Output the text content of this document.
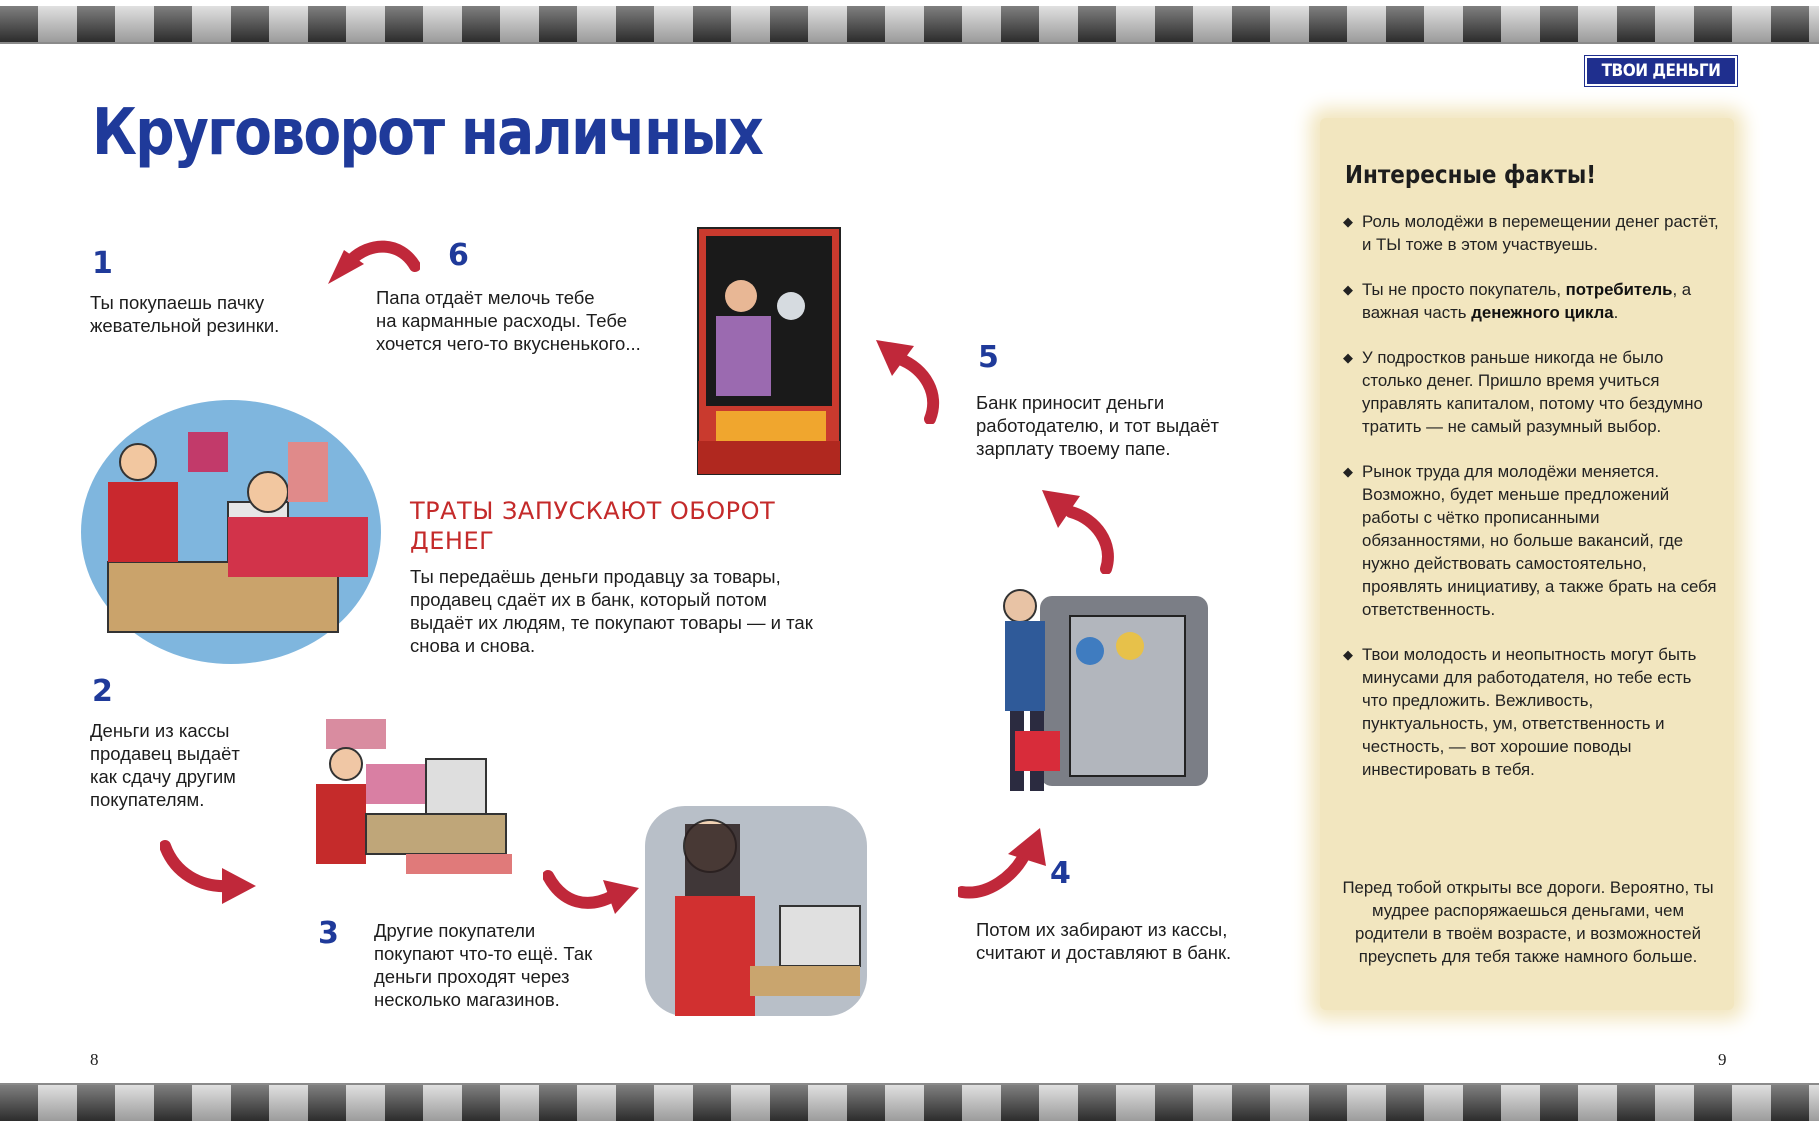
ТВОИ ДЕНЬГИ
Круговорот наличных
1
Ты покупаешь пачку
жевательной резинки.
6
Папа отдаёт мелочь тебе
на карманные расходы. Тебе
хочется чего-то вкусненького...	5
Банк приносит деньги
работодателю, и тот выдаёт
зарплату твоему папе.
2
Деньги из кассы
продавец выдаёт
как сдачу другим
покупателям.
3 Другие покупатели
покупают что-то ещё. Так
деньги проходят через
несколько магазинов.
4
Потом их забирают из кассы,
считают и доставляют в банк.
ТРАТЫ ЗАПУСКАЮТ ОБОРОТ
ДЕНЕГ
Ты передаёшь деньги продавцу за товары,
продавец сдаёт их в банк, который потом
выдаёт их людям, те покупают товары — и так
снова и снова.
Интересные факты!
◆ Роль молодёжи в перемещении денег растёт, и ТЫ тоже в этом участвуешь.
◆ Ты не просто покупатель, потребитель, а важная часть денежного цикла.
◆ У подростков раньше никогда не было столько денег. Пришло время учиться управлять капиталом, потому что бездумно тратить — не самый разумный выбор.
◆ Рынок труда для молодёжи меняется. Возможно, будет меньше предложений работы с чётко прописанными обязанностями, но больше вакансий, где нужно действовать самостоятельно, проявлять инициативу, а также брать на себя ответственность.
◆ Твои молодость и неопытность могут быть минусами для работодателя, но тебе есть что предложить. Вежливость, пунктуальность, ум, ответственность и честность, — вот хорошие поводы инвестировать в тебя.
Перед тобой открыты все дороги. Вероятно, ты мудрее распоряжаешься деньгами, чем родители в твоём возрасте, и возможностей преуспеть для тебя также намного больше.
8	9
